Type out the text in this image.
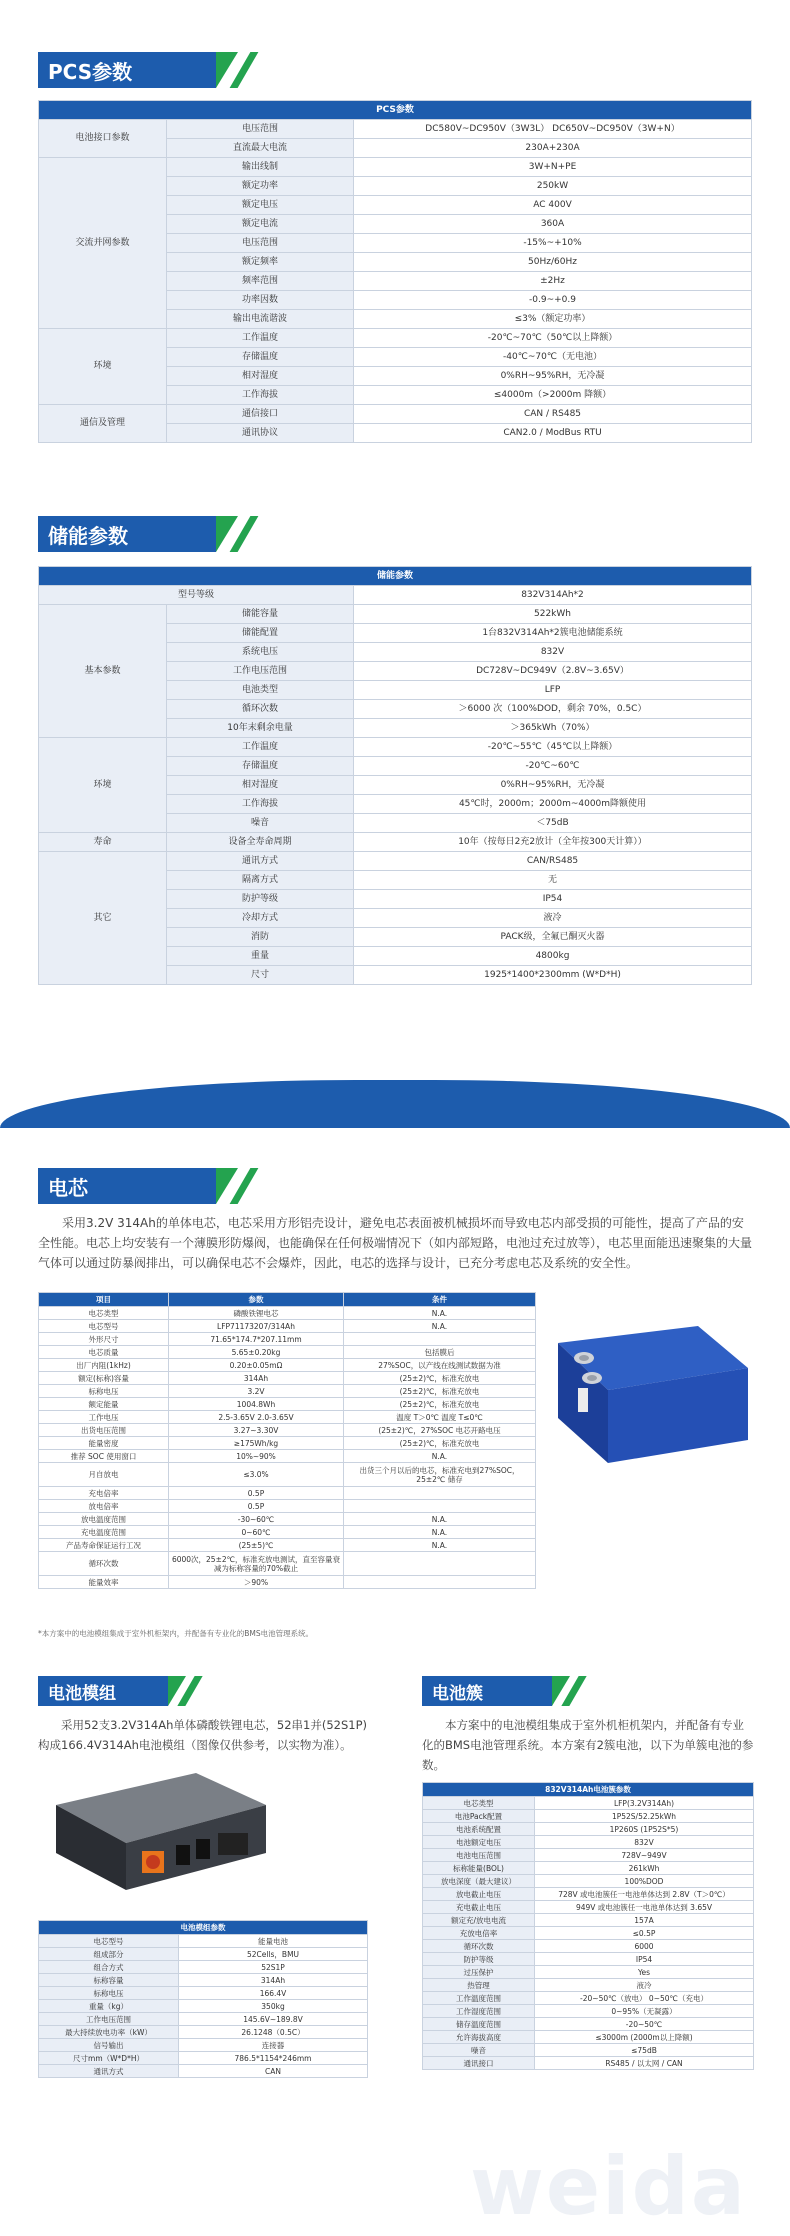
PCS参数
PCS参数		
电池接口参数	电压范围	DC580V~DC950V（3W3L） DC650V~DC950V（3W+N）
	直流最大电流	230A+230A
交流并网参数	输出线制	3W+N+PE
	额定功率	250kW
	额定电压	AC 400V
	额定电流	360A
	电压范围	-15%~+10%
	额定频率	50Hz/60Hz
	频率范围	±2Hz
	功率因数	-0.9~+0.9
	输出电流谐波	≤3%（额定功率）
环境	工作温度	-20℃~70℃（50℃以上降额）
	存储温度	-40℃~70℃（无电池）
	相对湿度	0%RH~95%RH，无冷凝
	工作海拔	≤4000m（>2000m 降额）
通信及管理	通信接口	CAN / RS485
	通讯协议	CAN2.0 / ModBus RTU
储能参数
储能参数		
型号等级		832V314Ah*2
基本参数	储能容量	522kWh
	储能配置	1台832V314Ah*2簇电池储能系统
	系统电压	832V
	工作电压范围	DC728V~DC949V（2.8V~3.65V）
	电池类型	LFP
	循环次数	＞6000 次（100%DOD，剩余 70%，0.5C）
	10年末剩余电量	＞365kWh（70%）
环境	工作温度	-20℃~55℃（45℃以上降额）
	存储温度	-20℃~60℃
	相对湿度	0%RH~95%RH，无冷凝
	工作海拔	45℃时，2000m；2000m~4000m降额使用
	噪音	＜75dB
寿命	设备全寿命周期	10年（按每日2充2放计（全年按300天计算））
其它	通讯方式	CAN/RS485
	隔离方式	无
	防护等级	IP54
	冷却方式	液冷
	消防	PACK级，全氟已酮灭火器
	重量	4800kg
	尺寸	1925*1400*2300mm (W*D*H)
电芯
采用3.2V 314Ah的单体电芯，电芯采用方形铝壳设计，避免电芯表面被机械损坏而导致电芯内部受损的可能性，提高了产品的安全性能。电芯上均安装有一个薄膜形防爆阀，也能确保在任何极端情况下（如内部短路，电池过充过放等），电芯里面能迅速聚集的大量气体可以通过防暴阀排出，可以确保电芯不会爆炸，因此，电芯的选择与设计，已充分考虑电芯及系统的安全性。
项目	参数	条件
电芯类型	磷酸铁锂电芯	N.A.
电芯型号	LFP71173207/314Ah	N.A.
外形尺寸	71.65*174.7*207.11mm	
电芯质量	5.65±0.20kg	包括膜后
出厂内阻(1kHz)	0.20±0.05mΩ	27%SOC，以产线在线测试数据为准
额定(标称)容量	314Ah	(25±2)℃，标准充放电
标称电压	3.2V	(25±2)℃，标准充放电
额定能量	1004.8Wh	(25±2)℃，标准充放电
工作电压	2.5-3.65V 2.0-3.65V	温度 T＞0℃ 温度 T≤0℃
出货电压范围	3.27~3.30V	(25±2)℃，27%SOC 电芯开路电压
能量密度	≥175Wh/kg	(25±2)℃，标准充放电
推荐 SOC 使用窗口	10%~90%	N.A.
月自放电	≤3.0%	出货三个月以后的电芯，标准充电到27%SOC，25±2℃ 储存
充电倍率	0.5P	
放电倍率	0.5P	
放电温度范围	-30~60℃	N.A.
充电温度范围	0~60℃	N.A.
产品寿命保证运行工况	(25±5)℃	N.A.
循环次数	6000次，25±2℃，标准充放电测试，直至容量衰减为标称容量的70%截止	
能量效率	＞90%	
*本方案中的电池模组集成于室外机柜架内，并配备有专业化的BMS电池管理系统。
电池模组
采用52支3.2V314Ah单体磷酸铁锂电芯，52串1并(52S1P)构成166.4V314Ah电池模组（图像仅供参考，以实物为准）。
电池模组参数	
电芯型号	能量电池
组成部分	52Cells，BMU
组合方式	52S1P
标称容量	314Ah
标称电压	166.4V
重量（kg）	350kg
工作电压范围	145.6V~189.8V
最大持续放电功率（kW）	26.1248（0.5C）
信号输出	连接器
尺寸mm（W*D*H）	786.5*1154*246mm
通讯方式	CAN
电池簇
本方案中的电池模组集成于室外机柜机架内，并配备有专业化的BMS电池管理系统。本方案有2簇电池，以下为单簇电池的参数。
832V314Ah电池簇参数	
电芯类型	LFP(3.2V314Ah)
电池Pack配置	1P52S/52.25kWh
电池系统配置	1P260S (1P52S*5)
电池额定电压	832V
电池电压范围	728V~949V
标称能量(BOL)	261kWh
放电深度（最大建议）	100%DOD
放电截止电压	728V 或电池簇任一电池单体达到 2.8V（T＞0℃）
充电截止电压	949V 或电池簇任一电池单体达到 3.65V
额定充/放电电流	157A
充放电倍率	≤0.5P
循环次数	6000
防护等级	IP54
过压保护	Yes
热管理	液冷
工作温度范围	-20~50℃（放电） 0~50℃（充电）
工作湿度范围	0~95%（无凝露）
储存温度范围	-20~50℃
允许海拔高度	≤3000m (2000m以上降额)
噪音	≤75dB
通讯接口	RS485 / 以太网 / CAN
weida
